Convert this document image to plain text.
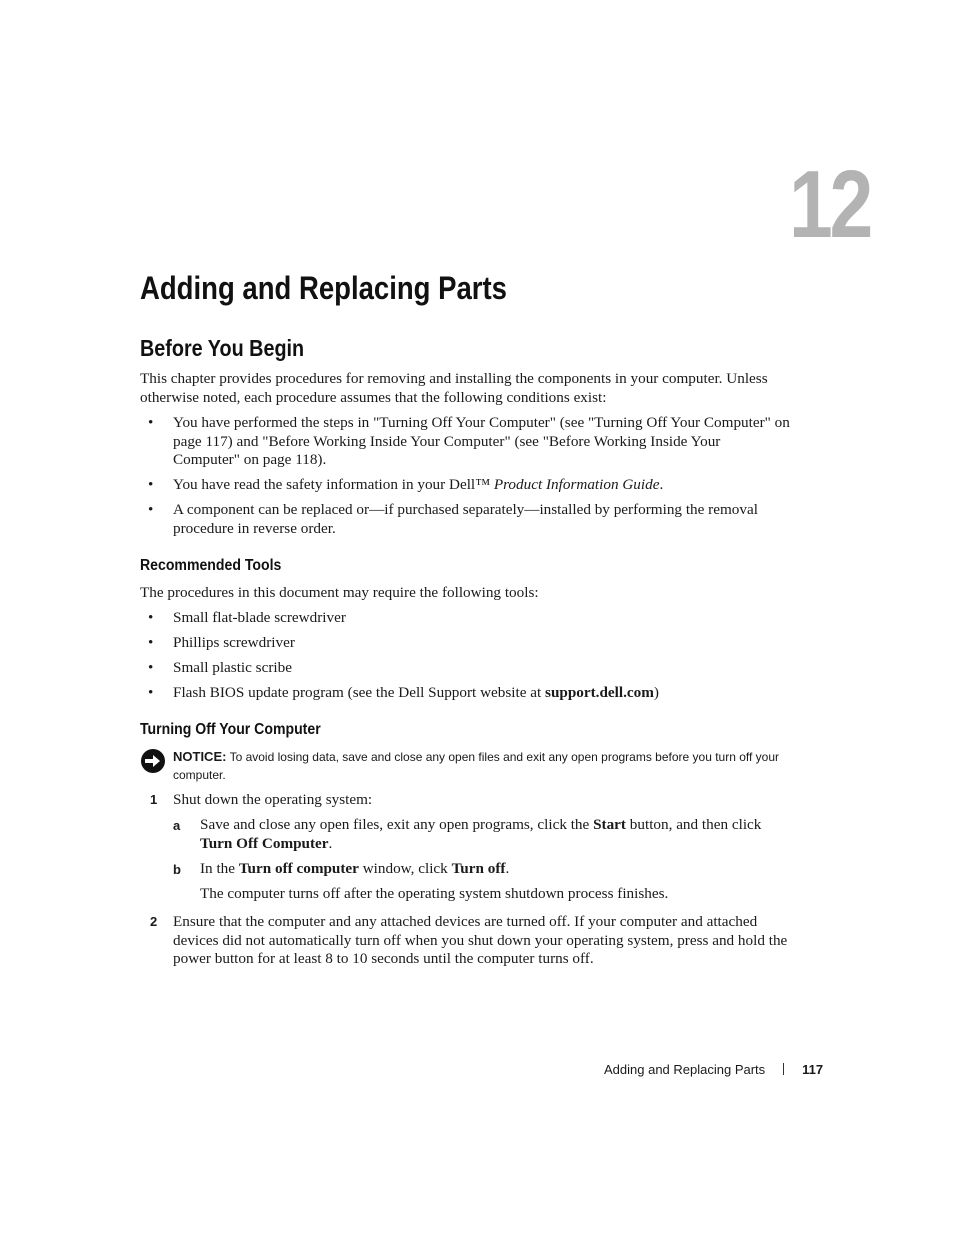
12
Adding and Replacing Parts
Before You Begin
This chapter provides procedures for removing and installing the components in your computer. Unless otherwise noted, each procedure assumes that the following conditions exist:
• You have performed the steps in "Turning Off Your Computer" (see "Turning Off Your Computer" on page 117) and "Before Working Inside Your Computer" (see "Before Working Inside Your Computer" on page 118).
• You have read the safety information in your Dell™ Product Information Guide.
• A component can be replaced or—if purchased separately—installed by performing the removal procedure in reverse order.
Recommended Tools
The procedures in this document may require the following tools:
• Small flat-blade screwdriver
• Phillips screwdriver
• Small plastic scribe
• Flash BIOS update program (see the Dell Support website at support.dell.com)
Turning Off Your Computer
NOTICE: To avoid losing data, save and close any open files and exit any open programs before you turn off your computer.
1 Shut down the operating system:
a Save and close any open files, exit any open programs, click the Start button, and then click Turn Off Computer.
b In the Turn off computer window, click Turn off.
The computer turns off after the operating system shutdown process finishes.
2 Ensure that the computer and any attached devices are turned off. If your computer and attached devices did not automatically turn off when you shut down your operating system, press and hold the power button for at least 8 to 10 seconds until the computer turns off.
Adding and Replacing Parts	117
